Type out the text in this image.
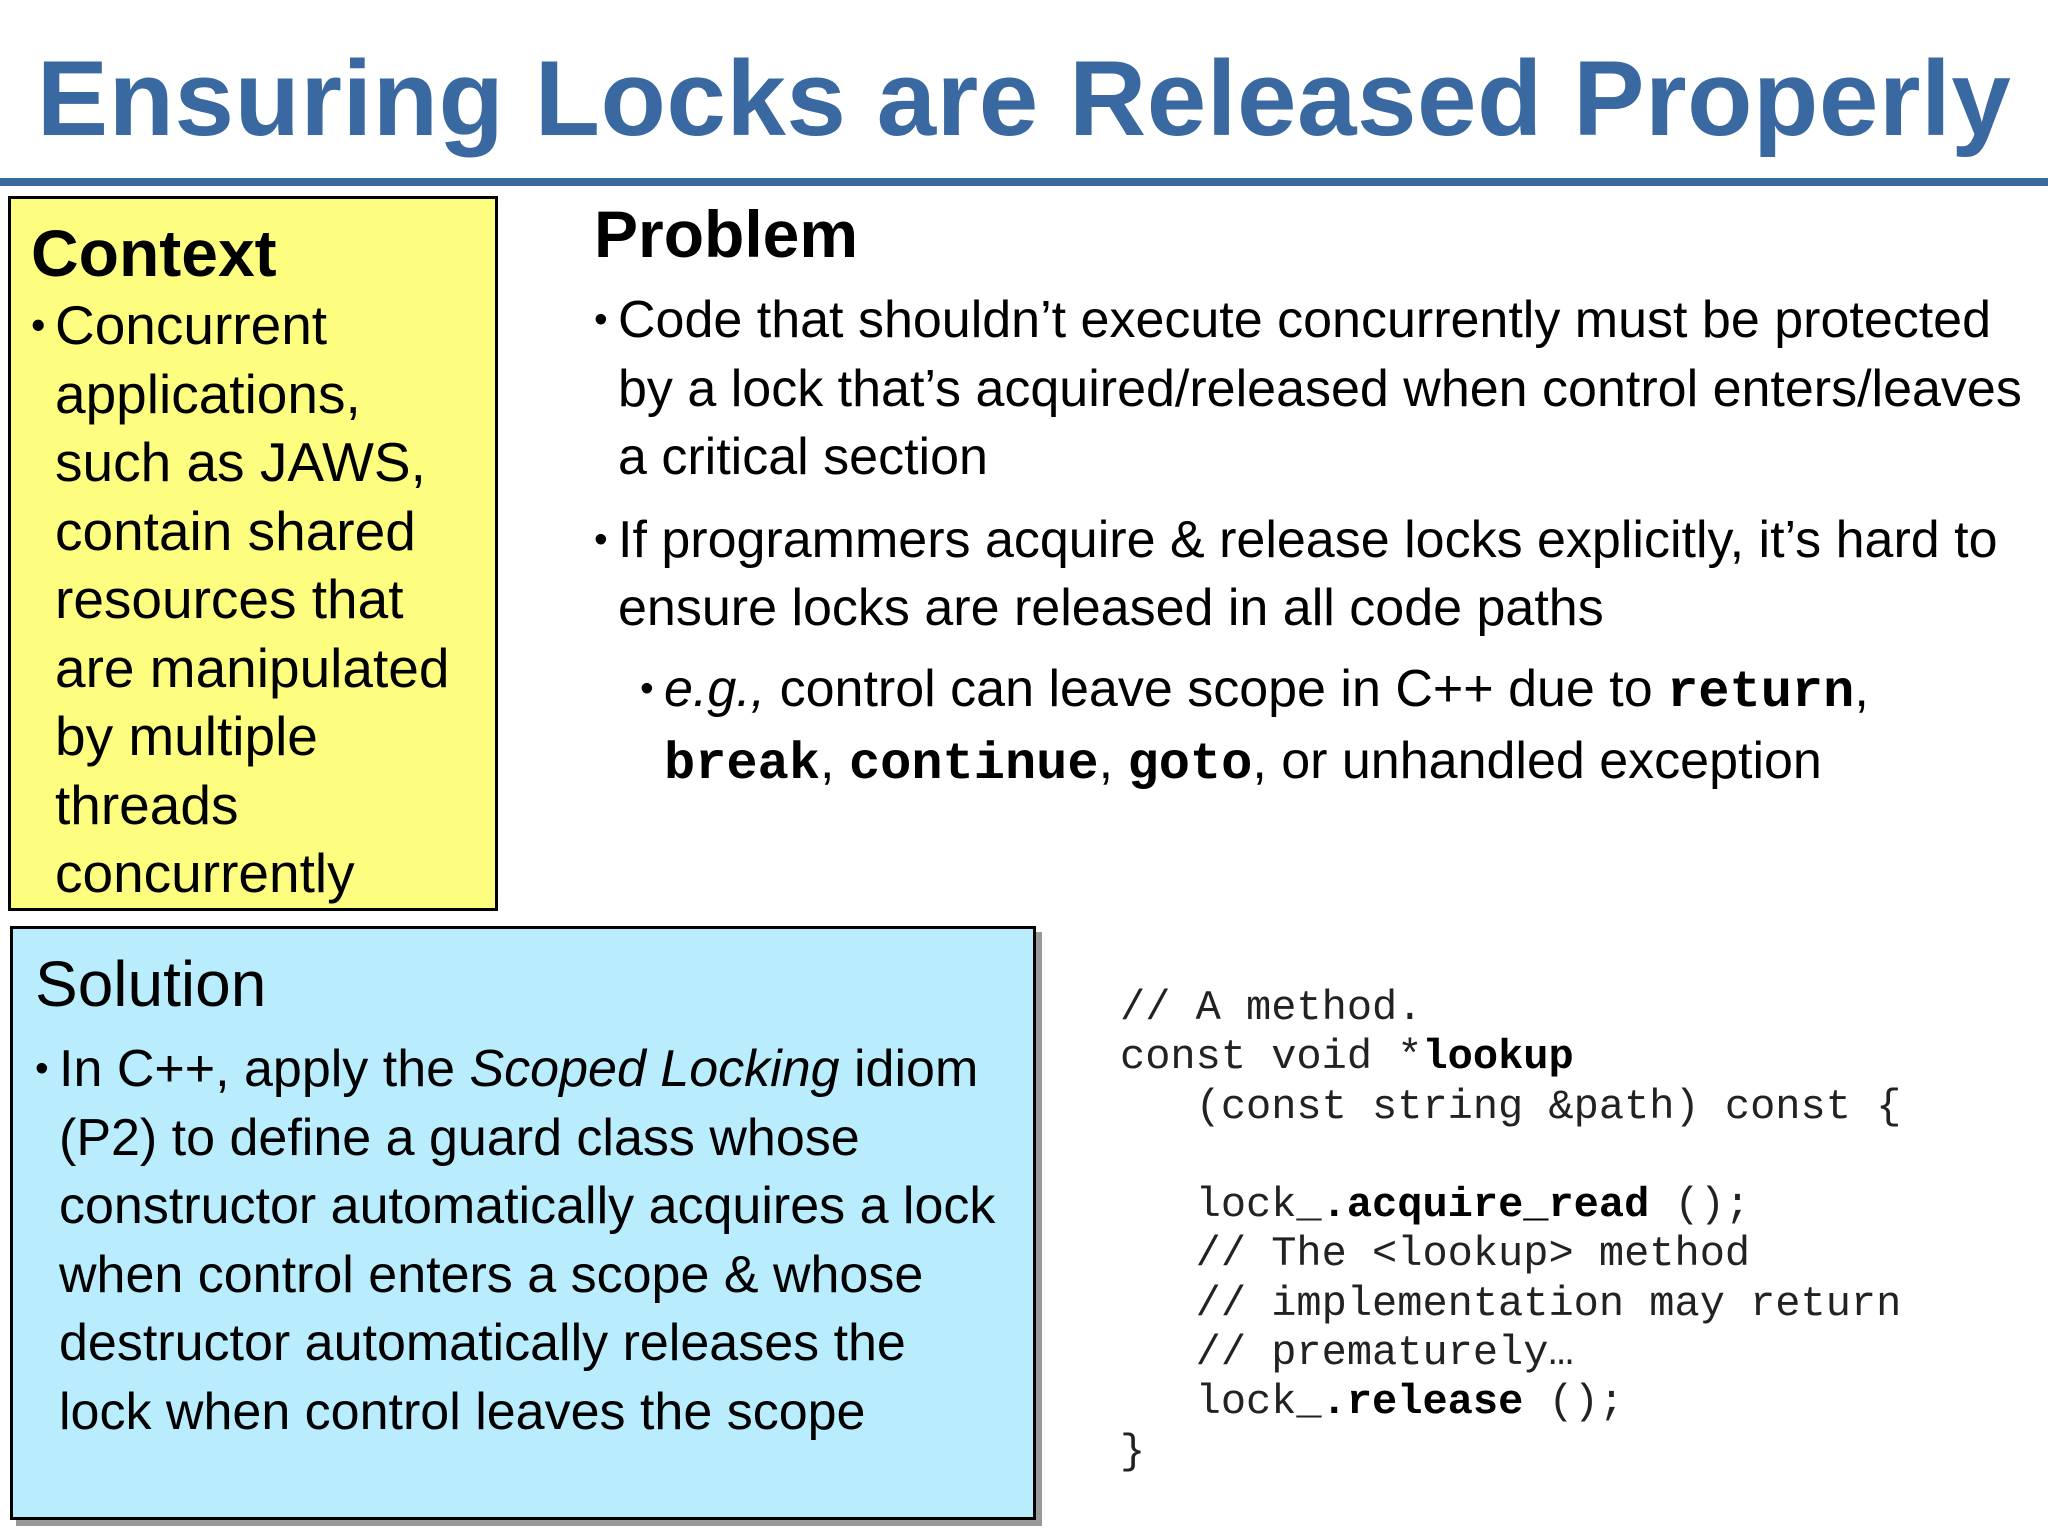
Ensuring Locks are Released Properly
Context
• Concurrent applications, such as JAWS, contain shared resources that are manipulated by multiple threads concurrently
Problem
• Code that shouldn’t execute concurrently must be protected by a lock that’s acquired/released when control enters/leaves a critical section
• If programmers acquire & release locks explicitly, it’s hard to ensure locks are released in all code paths
• e.g., control can leave scope in C++ due to return, break, continue, goto, or unhandled exception
Solution
• In C++, apply the Scoped Locking idiom (P2) to define a guard class whose constructor automatically acquires a lock when control enters a scope & whose destructor automatically releases the lock when control leaves the scope
// A method.
const void *lookup
(const string &path) const {
lock_.acquire_read ();
// The <lookup> method
// implementation may return
// prematurely…
lock_.release ();
}
